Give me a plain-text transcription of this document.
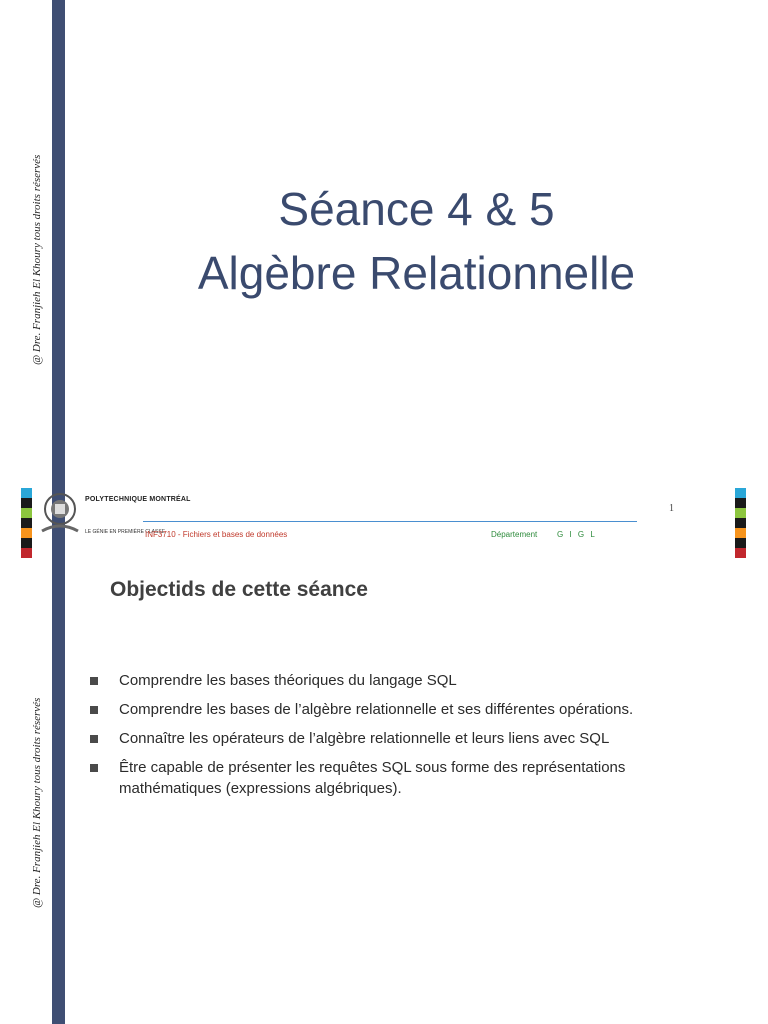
@ Dre. Franjieh El Khoury tous droits réservés
@ Dre. Franjieh El Khoury tous droits réservés
Séance 4 & 5
Algèbre Relationnelle
POLYTECHNIQUE MONTRÉAL
LE GÉNIE EN PREMIÈRE CLASSE
1
INF3710 - Fichiers et bases de données	Département G I G L
Objectids de cette séance
Comprendre les bases théoriques du langage SQL
Comprendre les bases de l’algèbre relationnelle et ses différentes opérations.
Connaître les opérateurs de l’algèbre relationnelle et leurs liens avec SQL
Être capable de présenter les requêtes SQL sous forme des représentations mathématiques (expressions algébriques).
